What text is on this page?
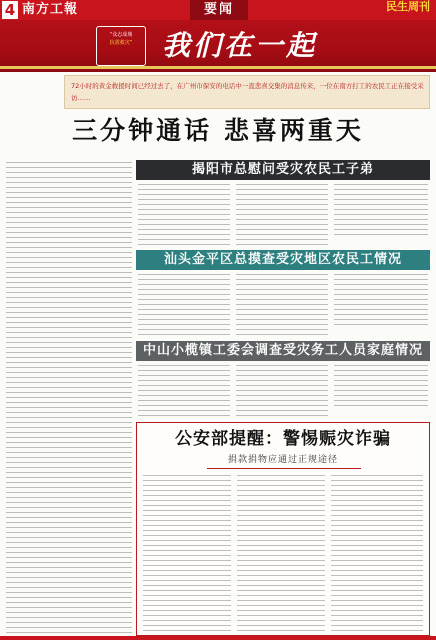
4 南方工報	要闻	民生周刊
“众志成城
抗震救灾”	我们在一起
72小时的黄金救援时间已经过去了，在广州市保安的电话中一直悲喜交集的消息传来，一位在南方打工的农民工正在接受采访……
三分钟通话 悲喜两重天
揭阳市总慰问受灾农民工子弟
汕头金平区总摸查受灾地区农民工情况
中山小榄镇工委会调查受灾务工人员家庭情况
公安部提醒：警惕赈灾诈骗
捐款捐物应通过正规途径
